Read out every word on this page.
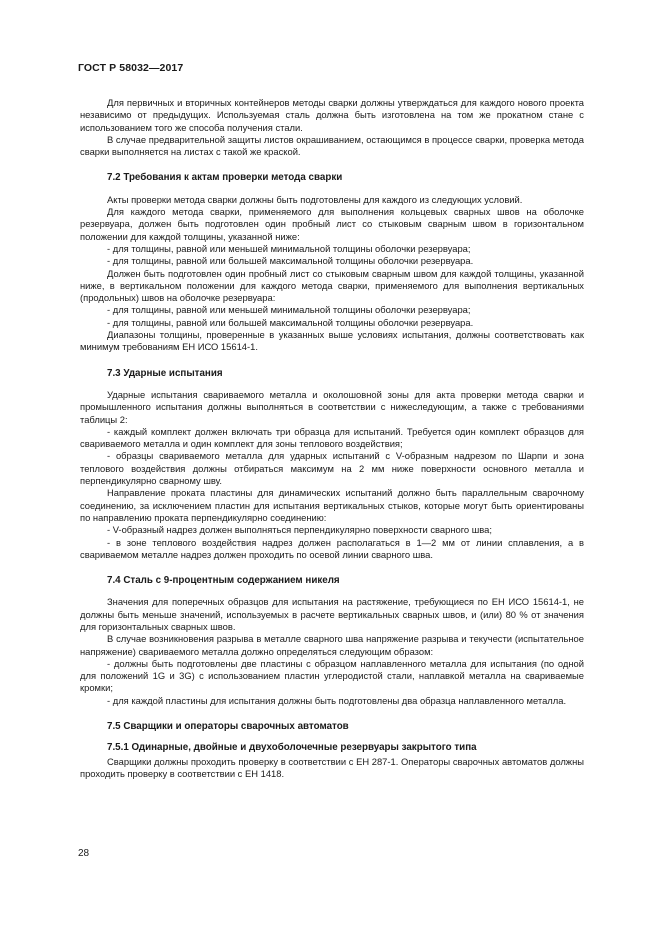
ГОСТ Р 58032—2017

Для первичных и вторичных контейнеров методы сварки должны утверждаться для каждого нового проекта независимо от предыдущих. Используемая сталь должна быть изготовлена на том же прокатном стане с использованием того же способа получения стали.

В случае предварительной защиты листов окрашиванием, остающимся в процессе сварки, проверка метода сварки выполняется на листах с такой же краской.

7.2 Требования к актам проверки метода сварки

Акты проверки метода сварки должны быть подготовлены для каждого из следующих условий.

Для каждого метода сварки, применяемого для выполнения кольцевых сварных швов на оболочке резервуара, должен быть подготовлен один пробный лист со стыковым сварным швом в горизонтальном положении для каждой толщины, указанной ниже:

- для толщины, равной или меньшей минимальной толщины оболочки резервуара;

- для толщины, равной или большей максимальной толщины оболочки резервуара.

Должен быть подготовлен один пробный лист со стыковым сварным швом для каждой толщины, указанной ниже, в вертикальном положении для каждого метода сварки, применяемого для выполнения вертикальных (продольных) швов на оболочке резервуара:

- для толщины, равной или меньшей минимальной толщины оболочки резервуара;

- для толщины, равной или большей максимальной толщины оболочки резервуара.

Диапазоны толщины, проверенные в указанных выше условиях испытания, должны соответствовать как минимум требованиям ЕН ИСО 15614-1.

7.3 Ударные испытания

Ударные испытания свариваемого металла и околошовной зоны для акта проверки метода сварки и промышленного испытания должны выполняться в соответствии с нижеследующим, а также с требованиями таблицы 2:

- каждый комплект должен включать три образца для испытаний. Требуется один комплект образцов для свариваемого металла и один комплект для зоны теплового воздействия;

- образцы свариваемого металла для ударных испытаний с V-образным надрезом по Шарпи и зона теплового воздействия должны отбираться максимум на 2 мм ниже поверхности основного металла и перпендикулярно сварному шву.

Направление проката пластины для динамических испытаний должно быть параллельным сварочному соединению, за исключением пластин для испытания вертикальных стыков, которые могут быть ориентированы по направлению проката перпендикулярно соединению:

- V-образный надрез должен выполняться перпендикулярно поверхности сварного шва;

- в зоне теплового воздействия надрез должен располагаться в 1—2 мм от линии сплавления, а в свариваемом металле надрез должен проходить по осевой линии сварного шва.

7.4 Сталь с 9-процентным содержанием никеля

Значения для поперечных образцов для испытания на растяжение, требующиеся по ЕН ИСО 15614-1, не должны быть меньше значений, используемых в расчете вертикальных сварных швов, и (или) 80 % от значения для горизонтальных сварных швов.

В случае возникновения разрыва в металле сварного шва напряжение разрыва и текучести (испытательное напряжение) свариваемого металла должно определяться следующим образом:

- должны быть подготовлены две пластины с образцом наплавленного металла для испытания (по одной для положений 1G и 3G) с использованием пластин углеродистой стали, наплавкой металла на свариваемые кромки;

- для каждой пластины для испытания должны быть подготовлены два образца наплавленного металла.

7.5 Сварщики и операторы сварочных автоматов

7.5.1 Одинарные, двойные и двухоболочечные резервуары закрытого типа

Сварщики должны проходить проверку в соответствии с ЕН 287-1. Операторы сварочных автоматов должны проходить проверку в соответствии с ЕН 1418.

28
